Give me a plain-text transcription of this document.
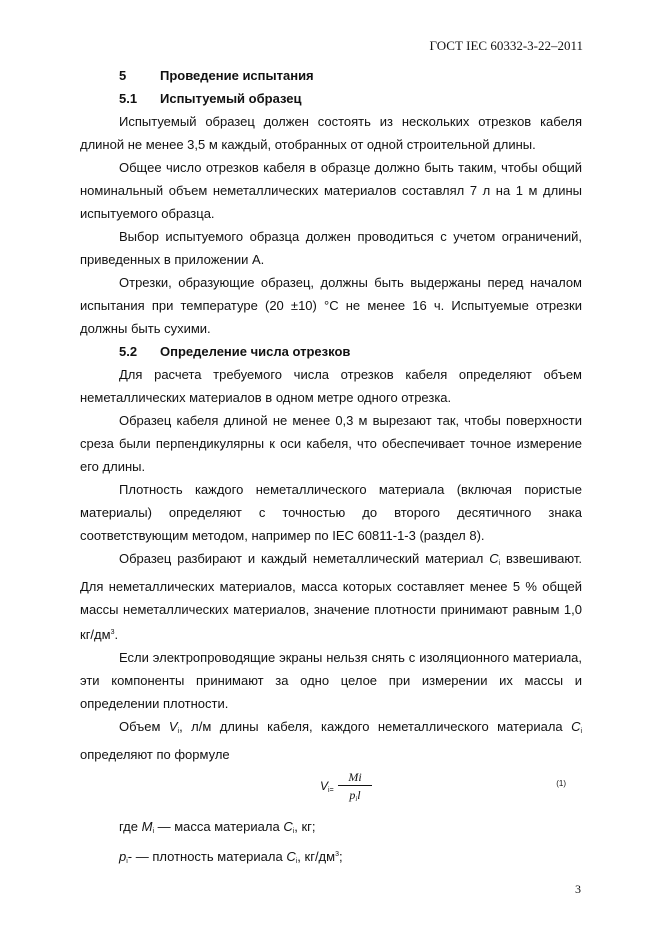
ГОСТ IEC 60332-3-22–2011
5	Проведение испытания
5.1 Испытуемый образец

Испытуемый образец должен состоять из нескольких отрезков кабеля длиной не менее 3,5 м каждый, отобранных от одной строительной длины.

Общее число отрезков кабеля в образце должно быть таким, чтобы общий номинальный объем неметаллических материалов составлял 7 л на 1 м длины испытуемого образца.

Выбор испытуемого образца должен проводиться с учетом ограничений, приведенных в приложении А.

Отрезки, образующие образец, должны быть выдержаны перед началом испытания при температуре (20 ±10) °С не менее 16 ч. Испытуемые отрезки должны быть сухими.

5.2 Определение числа отрезков

Для расчета требуемого числа отрезков кабеля определяют объем неметаллических материалов в одном метре одного отрезка.

Образец кабеля длиной не менее 0,3 м вырезают так, чтобы поверхности среза были перпендикулярны к оси кабеля, что обеспечивает точное измерение его длины.

Плотность каждого неметаллического материала (включая пористые материалы) определяют с точностью до второго десятичного знака соответствующим методом, например по IEC 60811-1-3 (раздел 8).

Образец разбирают и каждый неметаллический материал $C_i$ взвешивают. Для неметаллических материалов, масса которых составляет менее 5 % общей массы неметаллических материалов, значение плотности принимают равным 1,0 $кг/дм^3$.

Если электропроводящие экраны нельзя снять с изоляционного материала, эти компоненты принимают за одно целое при измерении их массы и определении плотности.

Объем $V_i$, л/м длины кабеля, каждого неметаллического материала $C_i$ определяют по формуле

$V_{i=}$
Mi
$p_il$
(1)

где $M_i$ — масса материала $C_i$, кг;

$p_i-$ — плотность материала $C_i$, $кг/дм^3$;

3
